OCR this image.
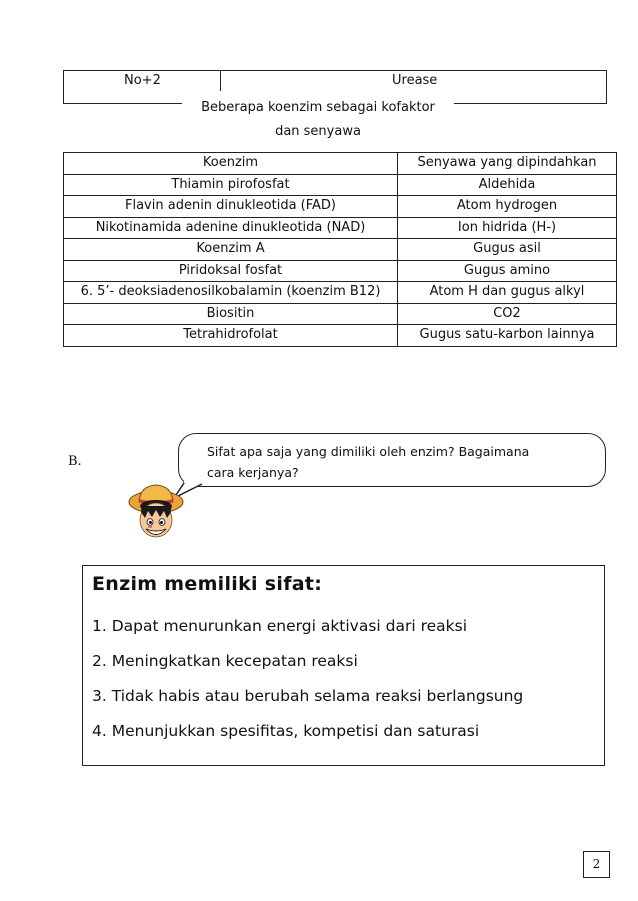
No+2	Urease
Beberapa koenzim sebagai kofaktor
dan senyawa
Koenzim	Senyawa yang dipindahkan
Thiamin pirofosfat	Aldehida
Flavin adenin dinukleotida (FAD)	Atom hydrogen
Nikotinamida adenine dinukleotida (NAD)	Ion hidrida (H-)
Koenzim A	Gugus asil
Piridoksal fosfat	Gugus amino
6. 5’- deoksiadenosilkobalamin (koenzim B12)	Atom H dan gugus alkyl
Biositin	CO2
Tetrahidrofolat	Gugus satu-karbon lainnya
B.
Sifat apa saja yang dimiliki oleh enzim? Bagaimana
cara kerjanya?
Enzim memiliki sifat:
1. Dapat menurunkan energi aktivasi dari reaksi
2. Meningkatkan kecepatan reaksi
3. Tidak habis atau berubah selama reaksi berlangsung
4. Menunjukkan spesifitas, kompetisi dan saturasi
2
